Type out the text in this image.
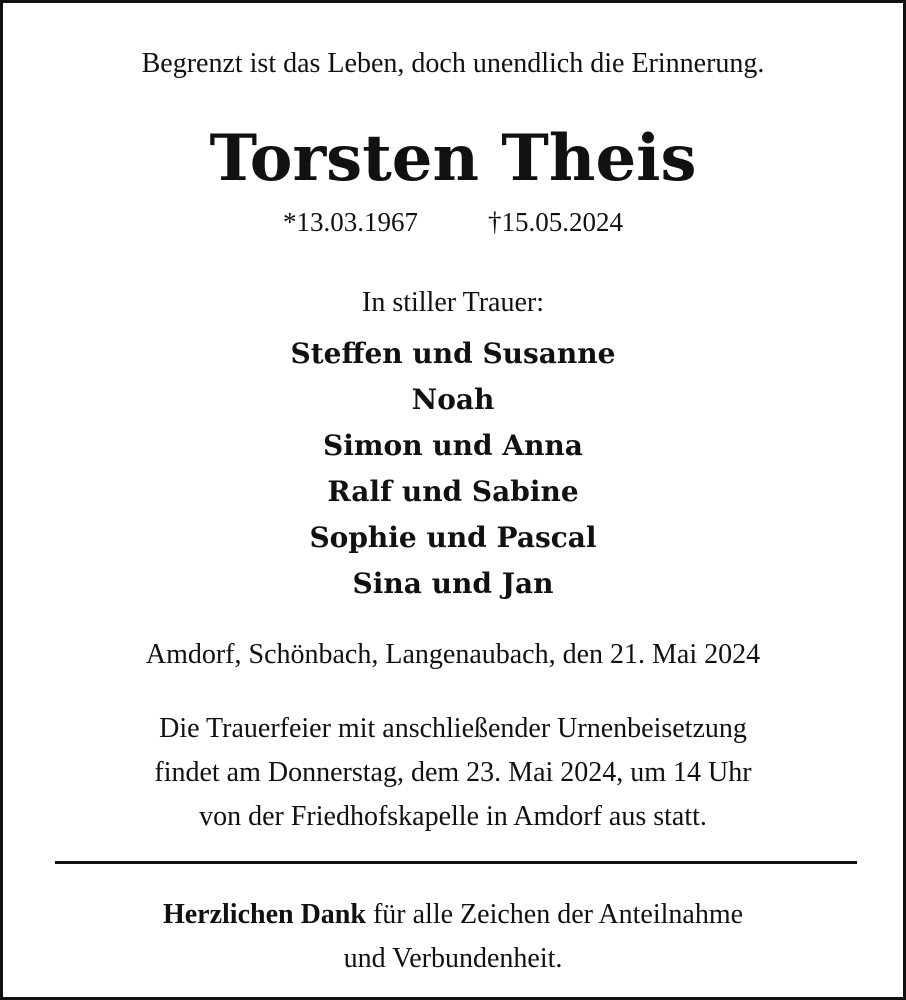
Begrenzt ist das Leben, doch unendlich die Erinnerung.
Torsten Theis
*13.03.1967	†15.05.2024
In stiller Trauer:
Steffen und Susanne
Noah
Simon und Anna
Ralf und Sabine
Sophie und Pascal
Sina und Jan
Amdorf, Schönbach, Langenaubach, den 21. Mai 2024
Die Trauerfeier mit anschließender Urnenbeisetzung
findet am Donnerstag, dem 23. Mai 2024, um 14 Uhr
von der Friedhofskapelle in Amdorf aus statt.
Herzlichen Dank für alle Zeichen der Anteilnahme
und Verbundenheit.
